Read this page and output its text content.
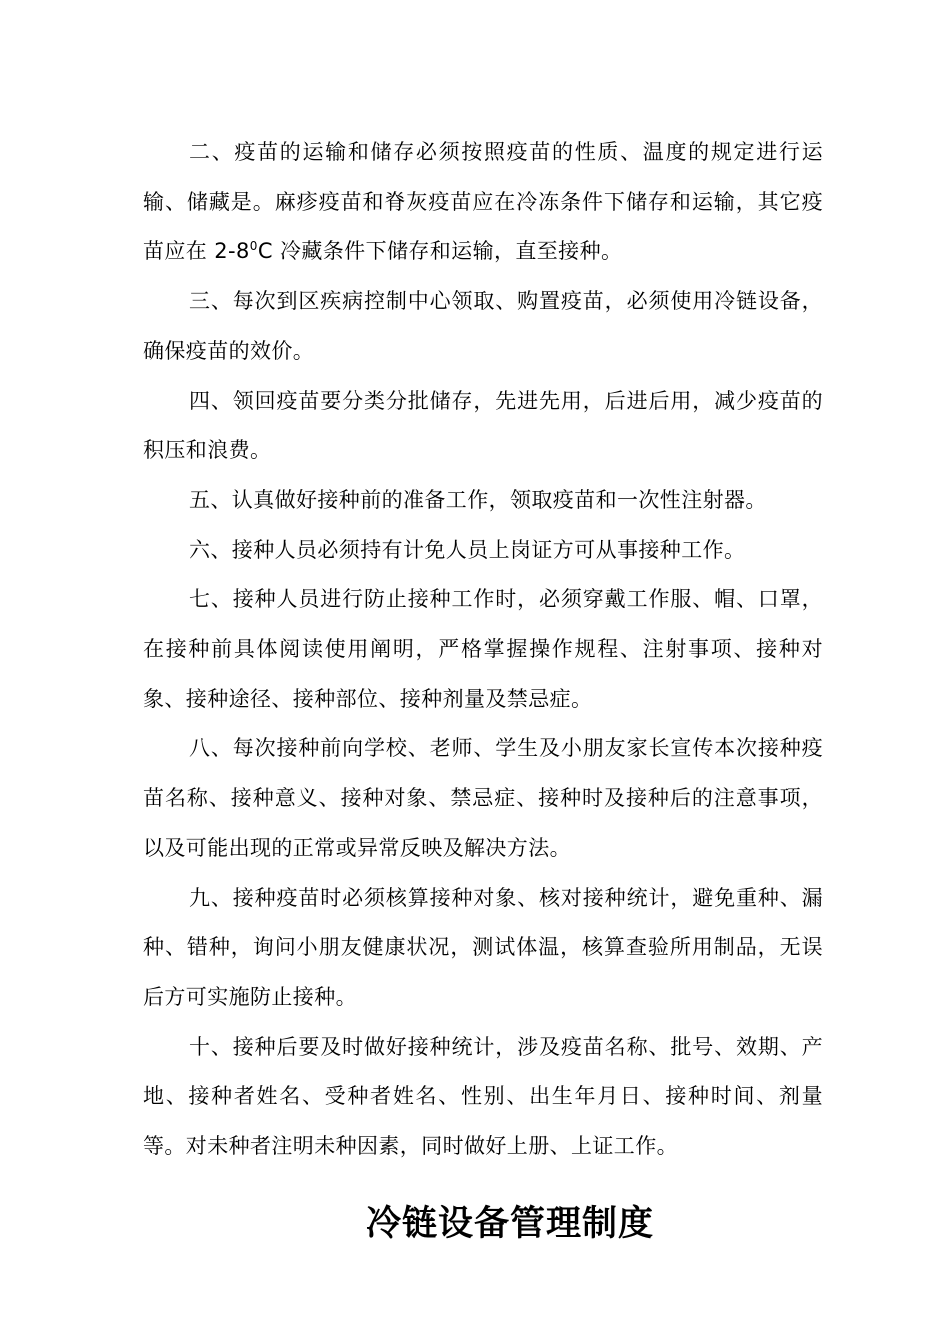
二、疫苗的运输和储存必须按照疫苗的性质、温度的规定进行运输、储藏是。麻疹疫苗和脊灰疫苗应在冷冻条件下储存和运输，其它疫苗应在 $2-8^0C$ 冷藏条件下储存和运输，直至接种。

三、每次到区疾病控制中心领取、购置疫苗，必须使用冷链设备，确保疫苗的效价。

四、领回疫苗要分类分批储存，先进先用，后进后用，减少疫苗的积压和浪费。

五、认真做好接种前的准备工作，领取疫苗和一次性注射器。

六、接种人员必须持有计免人员上岗证方可从事接种工作。

七、接种人员进行防止接种工作时，必须穿戴工作服、帽、口罩，在接种前具体阅读使用阐明，严格掌握操作规程、注射事项、接种对象、接种途径、接种部位、接种剂量及禁忌症。

八、每次接种前向学校、老师、学生及小朋友家长宣传本次接种疫苗名称、接种意义、接种对象、禁忌症、接种时及接种后的注意事项，以及可能出现的正常或异常反映及解决方法。

九、接种疫苗时必须核算接种对象、核对接种统计，避免重种、漏种、错种，询问小朋友健康状况，测试体温，核算查验所用制品，无误后方可实施防止接种。

十、接种后要及时做好接种统计，涉及疫苗名称、批号、效期、产地、接种者姓名、受种者姓名、性别、出生年月日、接种时间、剂量等。对未种者注明未种因素，同时做好上册、上证工作。

冷链设备管理制度
